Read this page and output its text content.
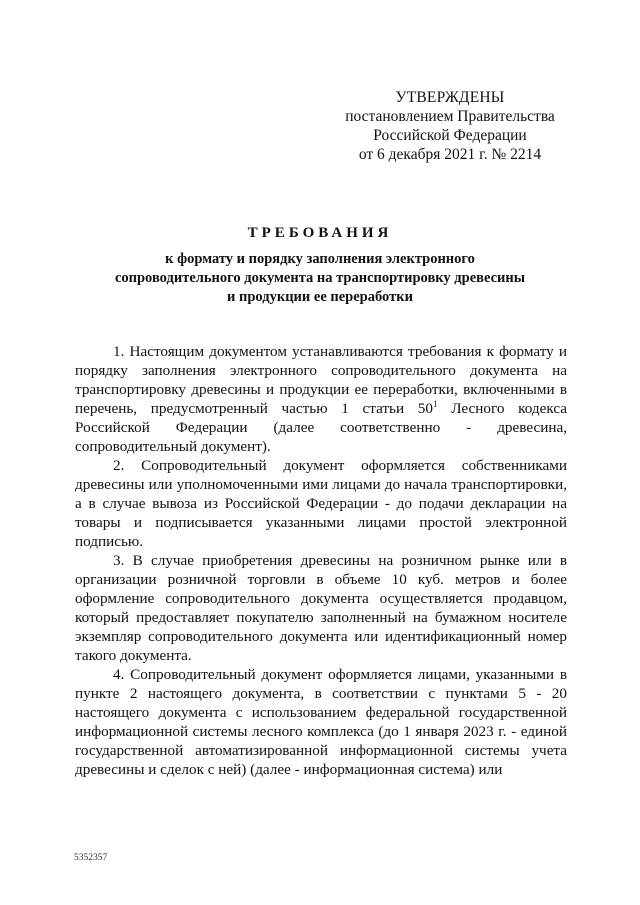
УТВЕРЖДЕНЫ
постановлением Правительства
Российской Федерации
от 6 декабря 2021 г. № 2214
ТРЕБОВАНИЯ
к формату и порядку заполнения электронного
сопроводительного документа на транспортировку древесины
и продукции ее переработки

1. Настоящим документом устанавливаются требования к формату и порядку заполнения электронного сопроводительного документа на транспортировку древесины и продукции ее переработки, включенными в перечень, предусмотренный частью 1 статьи $50^1$ Лесного кодекса Российской Федерации (далее соответственно - древесина, сопроводительный документ).

2. Сопроводительный документ оформляется собственниками древесины или уполномоченными ими лицами до начала транспортировки, а в случае вывоза из Российской Федерации - до подачи декларации на товары и подписывается указанными лицами простой электронной подписью.

3. В случае приобретения древесины на розничном рынке или в организации розничной торговли в объеме 10 куб. метров и более оформление сопроводительного документа осуществляется продавцом, который предоставляет покупателю заполненный на бумажном носителе экземпляр сопроводительного документа или идентификационный номер такого документа.

4. Сопроводительный документ оформляется лицами, указанными в пункте 2 настоящего документа, в соответствии с пунктами 5 - 20 настоящего документа с использованием федеральной государственной информационной системы лесного комплекса (до 1 января 2023 г. - единой государственной автоматизированной информационной системы учета древесины и сделок с ней) (далее - информационная система) или

5352357
